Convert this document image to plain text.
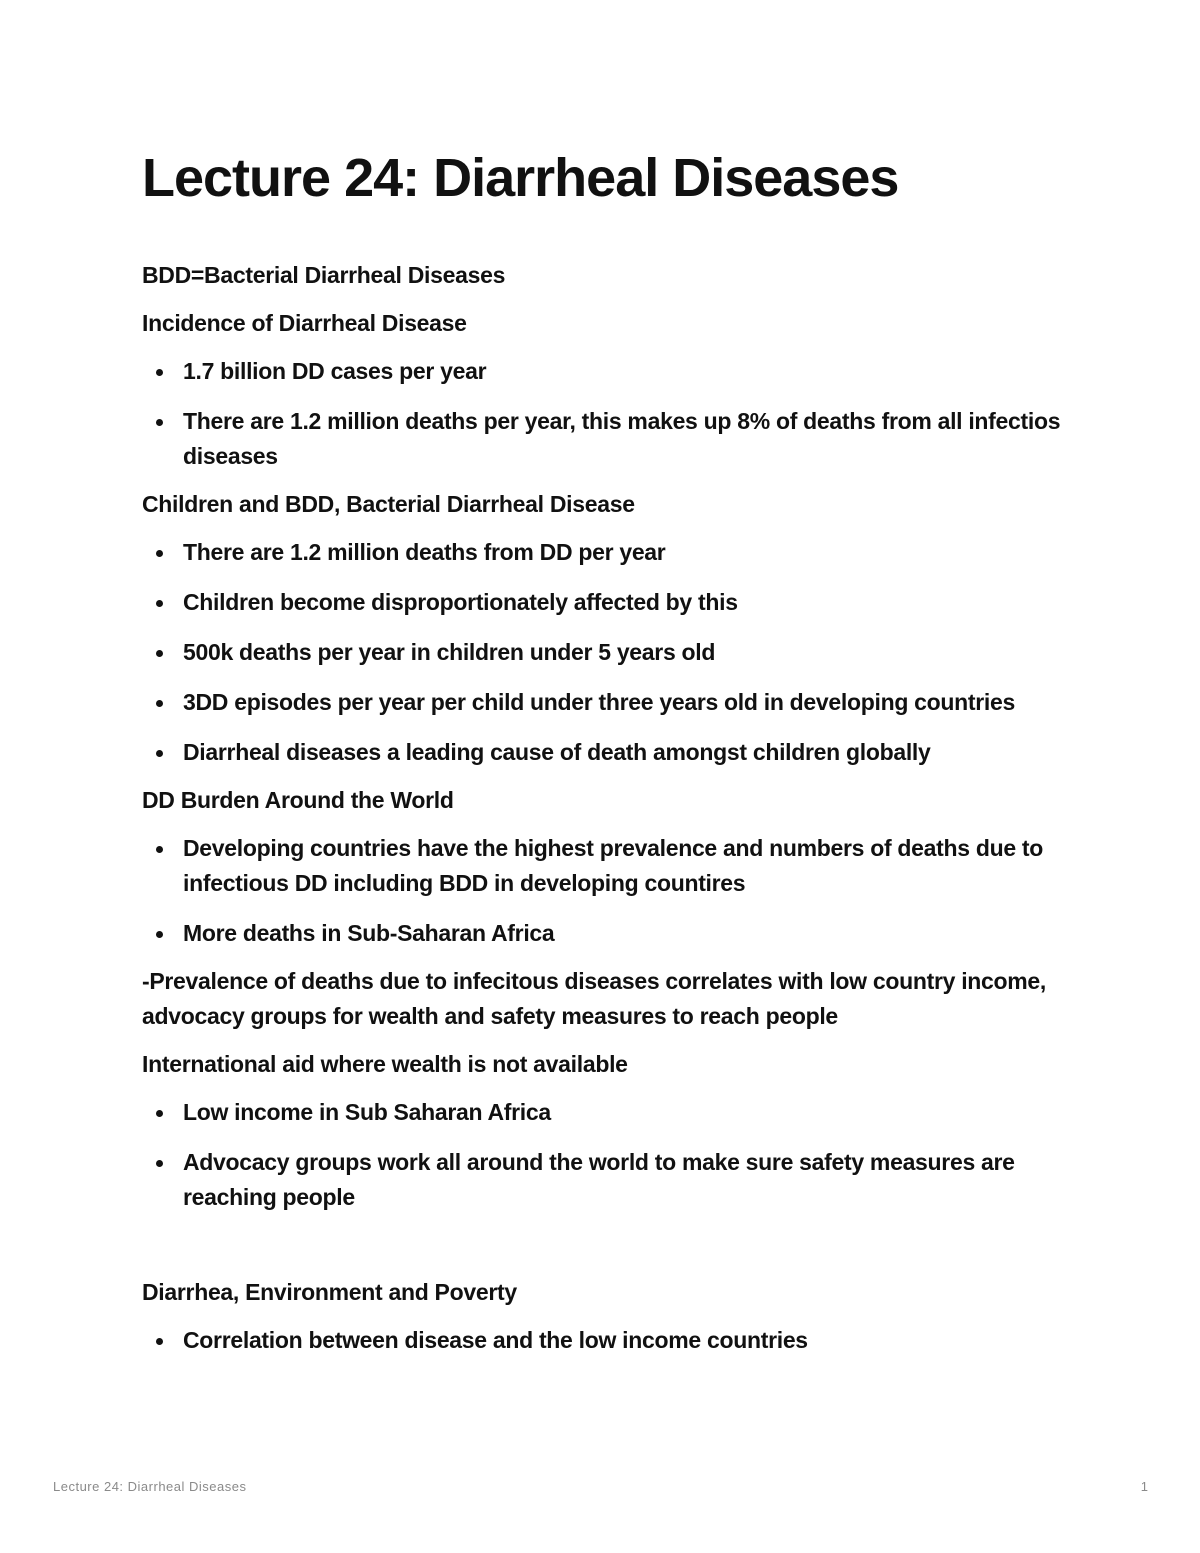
Lecture 24: Diarrheal Diseases

BDD=Bacterial Diarrheal Diseases

Incidence of Diarrheal Disease

1.7 billion DD cases per year
There are 1.2 million deaths per year, this makes up 8% of deaths from all infectios diseases

Children and BDD, Bacterial Diarrheal Disease

There are 1.2 million deaths from DD per year
Children become disproportionately affected by this
500k deaths per year in children under 5 years old
3DD episodes per year per child under three years old in developing countries
Diarrheal diseases a leading cause of death amongst children globally

DD Burden Around the World

Developing countries have the highest prevalence and numbers of deaths due to infectious DD including BDD in developing countires
More deaths in Sub-Saharan Africa

-Prevalence of deaths due to infecitous diseases correlates with low country income, advocacy groups for wealth and safety measures to reach people

International aid where wealth is not available

Low income in Sub Saharan Africa
Advocacy groups work all around the world to make sure safety measures are reaching people

Diarrhea, Environment and Poverty

Correlation between disease and the low income countries
Lecture 24: Diarrheal Diseases	1
